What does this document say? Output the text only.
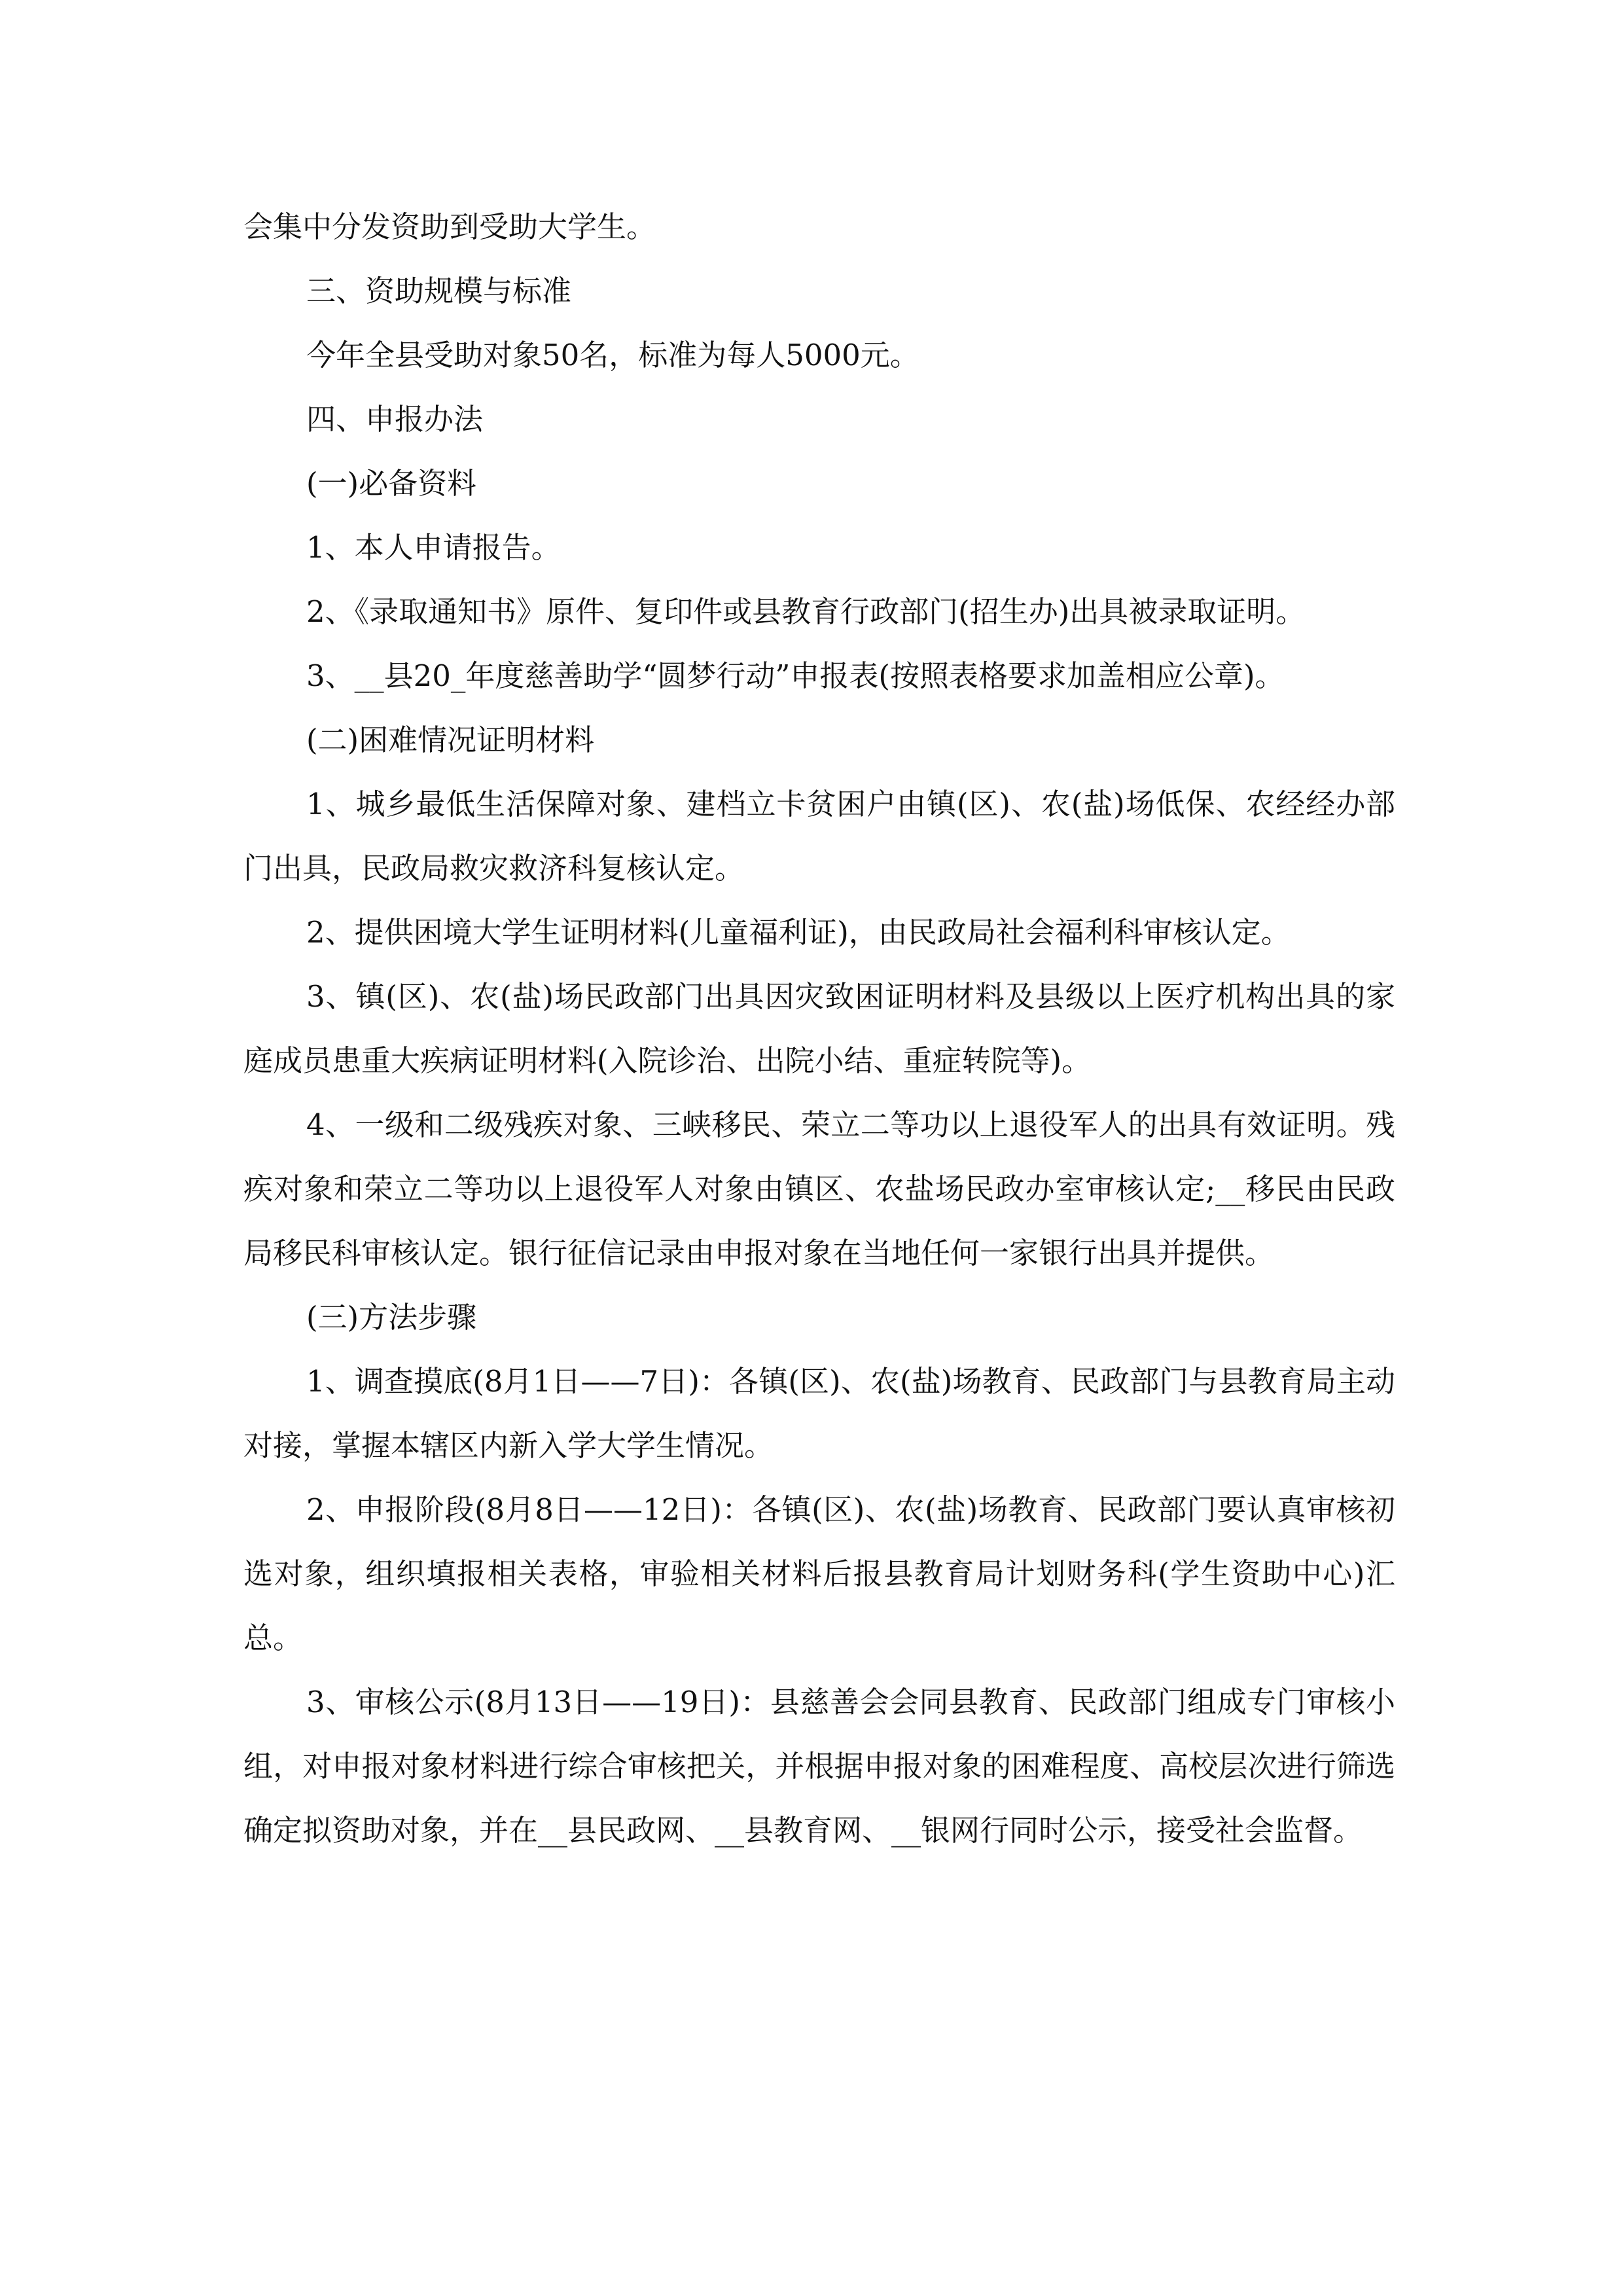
会集中分发资助到受助大学生。

三、资助规模与标准

今年全县受助对象50名，标准为每人5000元。

四、申报办法

(一)必备资料

1、本人申请报告。

2、《录取通知书》原件、复印件或县教育行政部门(招生办)出具被录取证明。

3、__县20_年度慈善助学“圆梦行动”申报表(按照表格要求加盖相应公章)。

(二)困难情况证明材料

1、城乡最低生活保障对象、建档立卡贫困户由镇(区)、农(盐)场低保、农经经办部门出具，民政局救灾救济科复核认定。

2、提供困境大学生证明材料(儿童福利证)，由民政局社会福利科审核认定。

3、镇(区)、农(盐)场民政部门出具因灾致困证明材料及县级以上医疗机构出具的家庭成员患重大疾病证明材料(入院诊治、出院小结、重症转院等)。

4、一级和二级残疾对象、三峡移民、荣立二等功以上退役军人的出具有效证明。残疾对象和荣立二等功以上退役军人对象由镇区、农盐场民政办室审核认定;__移民由民政局移民科审核认定。银行征信记录由申报对象在当地任何一家银行出具并提供。

(三)方法步骤

1、调查摸底(8月1日——7日)：各镇(区)、农(盐)场教育、民政部门与县教育局主动对接，掌握本辖区内新入学大学生情况。

2、申报阶段(8月8日——12日)：各镇(区)、农(盐)场教育、民政部门要认真审核初选对象，组织填报相关表格，审验相关材料后报县教育局计划财务科(学生资助中心)汇总。

3、审核公示(8月13日——19日)：县慈善会会同县教育、民政部门组成专门审核小组，对申报对象材料进行综合审核把关，并根据申报对象的困难程度、高校层次进行筛选确定拟资助对象，并在__县民政网、__县教育网、__银网行同时公示，接受社会监督。
